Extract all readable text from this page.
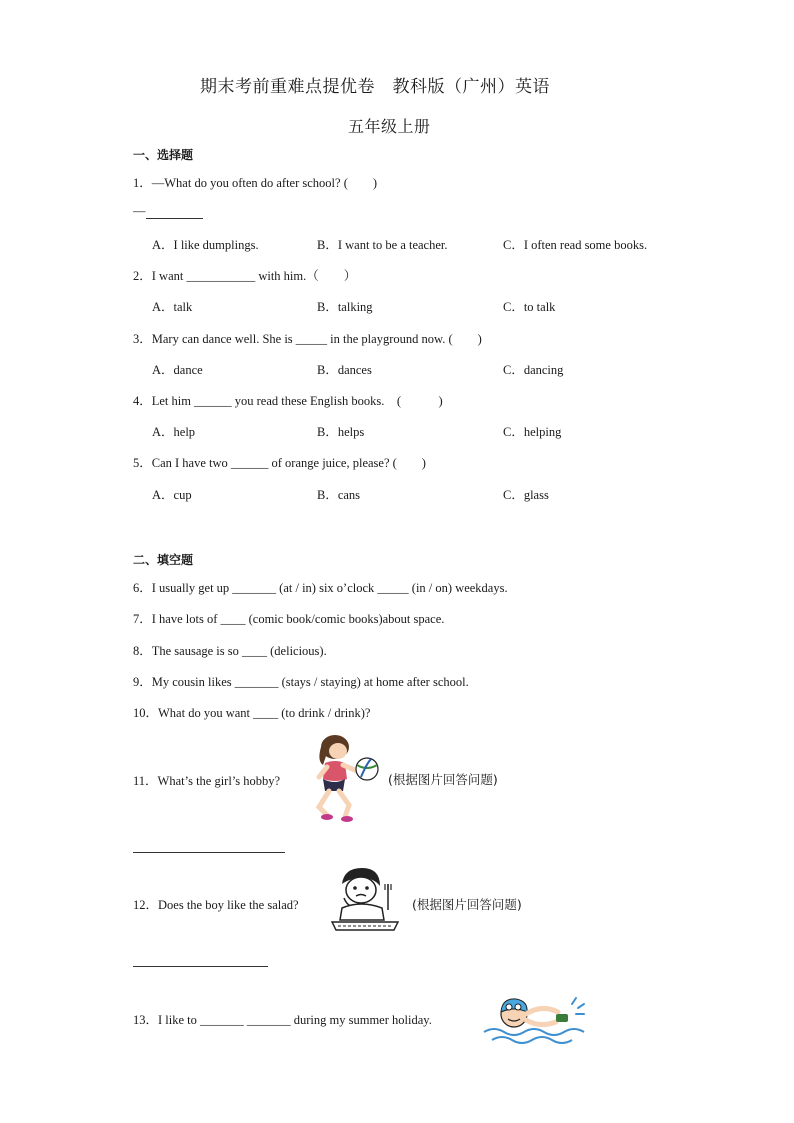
期末考前重难点提优卷　教科版（广州）英语
五年级上册
一、选择题
1．—What do you often do after school? (　　)
—
A．I like dumplings.	B．I want to be a teacher.	C．I often read some books.
2．I want ___________ with him.（　　）
A．talk	B．talking	C．to talk
3．Mary can dance well. She is _____ in the playground now. (　　)
A．dance	B．dances	C．dancing
4．Let him ______ you read these English books.　(　　　)
A．help	B．helps	C．helping
5．Can I have two ______ of orange juice, please? (　　)
A．cup	B．cans	C．glass
二、填空题
6．I usually get up _______ (at / in) six o’clock _____ (in / on) weekdays.
7．I have lots of ____ (comic book/comic books)about space.
8．The sausage is so ____ (delicious).
9．My cousin likes _______ (stays / staying) at home after school.
10．What do you want ____ (to drink / drink)?
11．What’s the girl’s hobby?	(根据图片回答问题)
12．Does the boy like the salad?	(根据图片回答问题)
13．I like to _______ _______ during my summer holiday.
